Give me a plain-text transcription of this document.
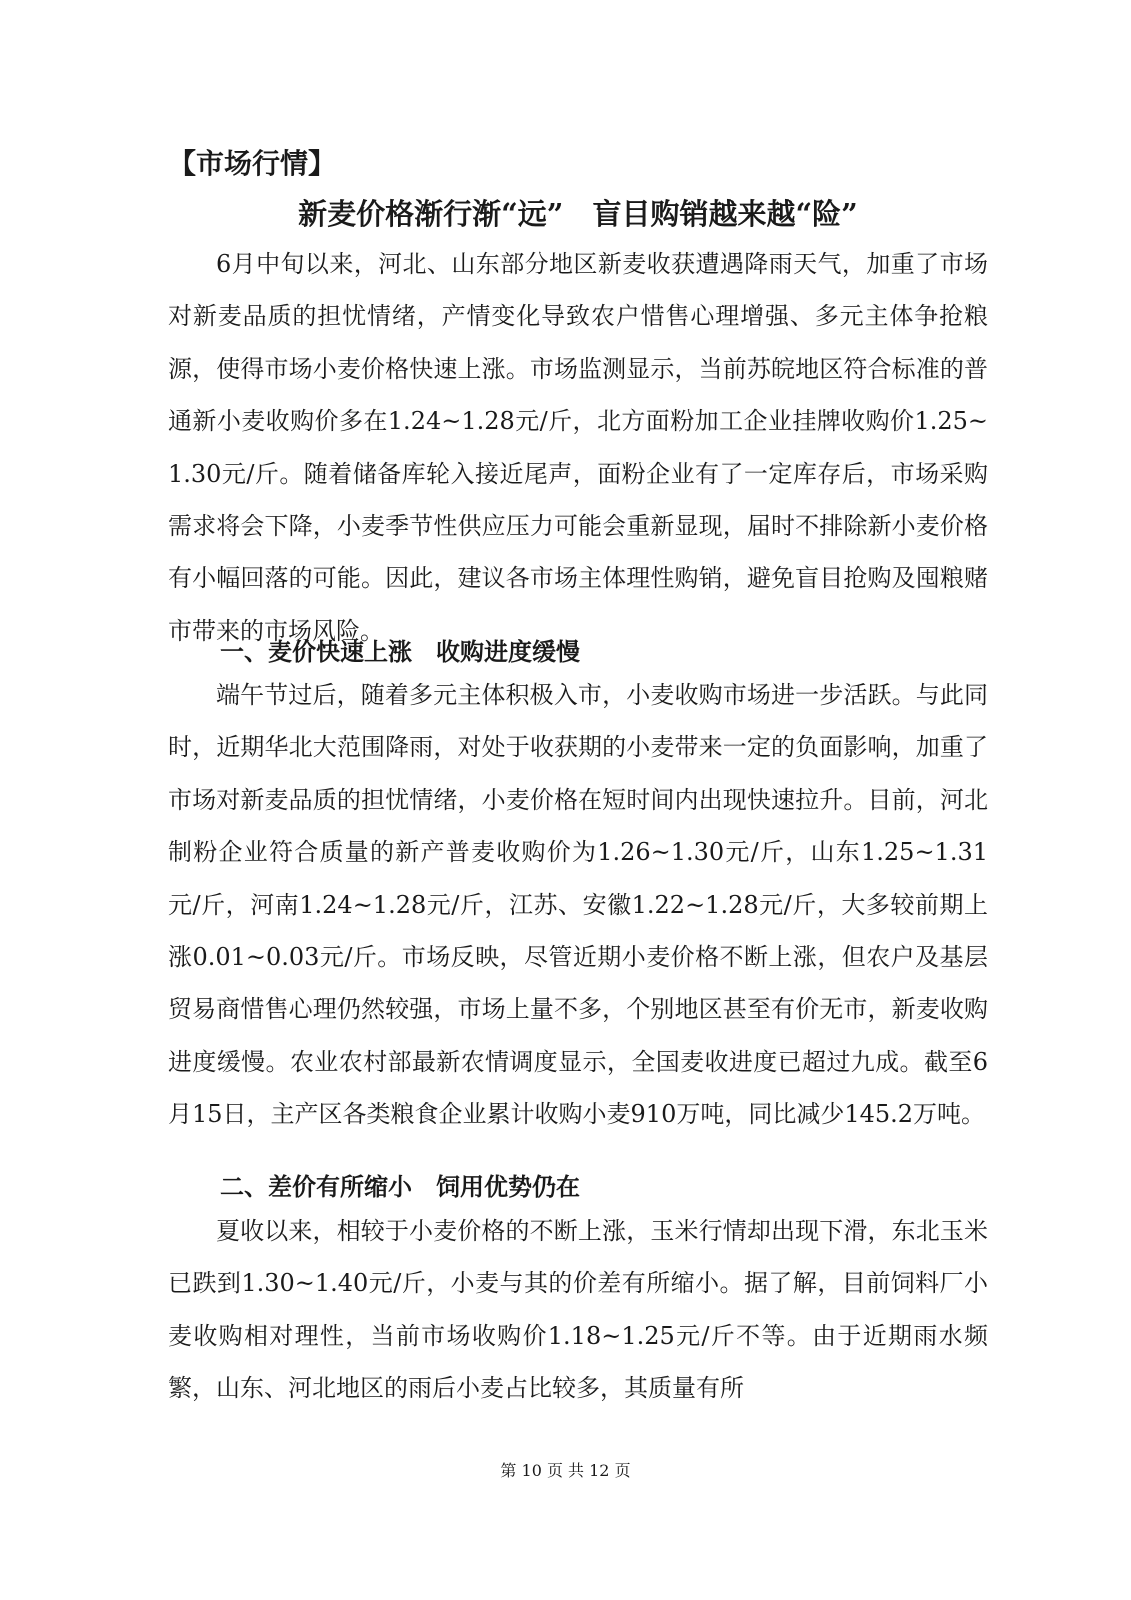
【市场行情】

新麦价格渐行渐“远”　盲目购销越来越“险”

6月中旬以来，河北、山东部分地区新麦收获遭遇降雨天气，加重了市场对新麦品质的担忧情绪，产情变化导致农户惜售心理增强、多元主体争抢粮源，使得市场小麦价格快速上涨。市场监测显示，当前苏皖地区符合标准的普通新小麦收购价多在1.24~1.28元/斤，北方面粉加工企业挂牌收购价1.25~1.30元/斤。随着储备库轮入接近尾声，面粉企业有了一定库存后，市场采购需求将会下降，小麦季节性供应压力可能会重新显现，届时不排除新小麦价格有小幅回落的可能。因此，建议各市场主体理性购销，避免盲目抢购及囤粮赌市带来的市场风险。

一、麦价快速上涨　收购进度缓慢

端午节过后，随着多元主体积极入市，小麦收购市场进一步活跃。与此同时，近期华北大范围降雨，对处于收获期的小麦带来一定的负面影响，加重了市场对新麦品质的担忧情绪，小麦价格在短时间内出现快速拉升。目前，河北制粉企业符合质量的新产普麦收购价为1.26~1.30元/斤，山东1.25~1.31元/斤，河南1.24~1.28元/斤，江苏、安徽1.22~1.28元/斤，大多较前期上涨0.01~0.03元/斤。市场反映，尽管近期小麦价格不断上涨，但农户及基层贸易商惜售心理仍然较强，市场上量不多，个别地区甚至有价无市，新麦收购进度缓慢。农业农村部最新农情调度显示，全国麦收进度已超过九成。截至6月15日，主产区各类粮食企业累计收购小麦910万吨，同比减少145.2万吨。

二、差价有所缩小　饲用优势仍在

夏收以来，相较于小麦价格的不断上涨，玉米行情却出现下滑，东北玉米已跌到1.30~1.40元/斤，小麦与其的价差有所缩小。据了解，目前饲料厂小麦收购相对理性，当前市场收购价1.18~1.25元/斤不等。由于近期雨水频繁，山东、河北地区的雨后小麦占比较多，其质量有所

第 10 页 共 12 页
